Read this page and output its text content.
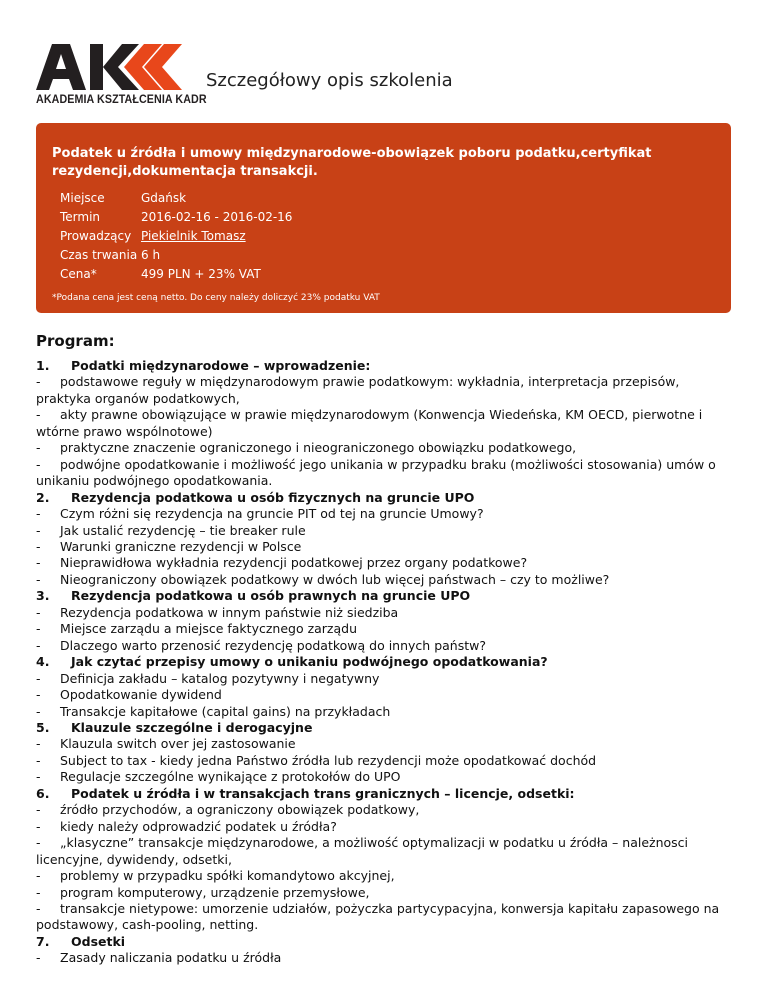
AKADEMIA KSZTAŁCENIA KADR
Szczegółowy opis szkolenia
Podatek u źródła i umowy międzynarodowe-obowiązek poboru podatku,certyfikat rezydencji,dokumentacja transakcji.
Miejsce	Gdańsk
Termin	2016-02-16 - 2016-02-16
Prowadzący	Piekielnik Tomasz
Czas trwania	6 h
Cena*	499 PLN + 23% VAT
*Podana cena jest ceną netto. Do ceny należy doliczyć 23% podatku VAT
Program:
1. Podatki międzynarodowe – wprowadzenie:
- podstawowe reguły w międzynarodowym prawie podatkowym: wykładnia, interpretacja przepisów, praktyka organów podatkowych,
- akty prawne obowiązujące w prawie międzynarodowym (Konwencja Wiedeńska, KM OECD, pierwotne i wtórne prawo wspólnotowe)
- praktyczne znaczenie ograniczonego i nieograniczonego obowiązku podatkowego,
- podwójne opodatkowanie i możliwość jego unikania w przypadku braku (możliwości stosowania) umów o unikaniu podwójnego opodatkowania.
2. Rezydencja podatkowa u osób fizycznych na gruncie UPO
- Czym różni się rezydencja na gruncie PIT od tej na gruncie Umowy?
- Jak ustalić rezydencję – tie breaker rule
- Warunki graniczne rezydencji w Polsce
- Nieprawidłowa wykładnia rezydencji podatkowej przez organy podatkowe?
- Nieograniczony obowiązek podatkowy w dwóch lub więcej państwach – czy to możliwe?
3. Rezydencja podatkowa u osób prawnych na gruncie UPO
- Rezydencja podatkowa w innym państwie niż siedziba
- Miejsce zarządu a miejsce faktycznego zarządu
- Dlaczego warto przenosić rezydencję podatkową do innych państw?
4. Jak czytać przepisy umowy o unikaniu podwójnego opodatkowania?
- Definicja zakładu – katalog pozytywny i negatywny
- Opodatkowanie dywidend
- Transakcje kapitałowe (capital gains) na przykładach
5. Klauzule szczególne i derogacyjne
- Klauzula switch over jej zastosowanie
- Subject to tax - kiedy jedna Państwo źródła lub rezydencji może opodatkować dochód
- Regulacje szczególne wynikające z protokołów do UPO
6. Podatek u źródła i w transakcjach trans granicznych – licencje, odsetki:
- źródło przychodów, a ograniczony obowiązek podatkowy,
- kiedy należy odprowadzić podatek u źródła?
- „klasyczne” transakcje międzynarodowe, a możliwość optymalizacji w podatku u źródła – należnosci licencyjne, dywidendy, odsetki,
- problemy w przypadku spółki komandytowo akcyjnej,
- program komputerowy, urządzenie przemysłowe,
- transakcje nietypowe: umorzenie udziałów, pożyczka partycypacyjna, konwersja kapitału zapasowego na podstawowy, cash-pooling, netting.
7. Odsetki
- Zasady naliczania podatku u źródła
